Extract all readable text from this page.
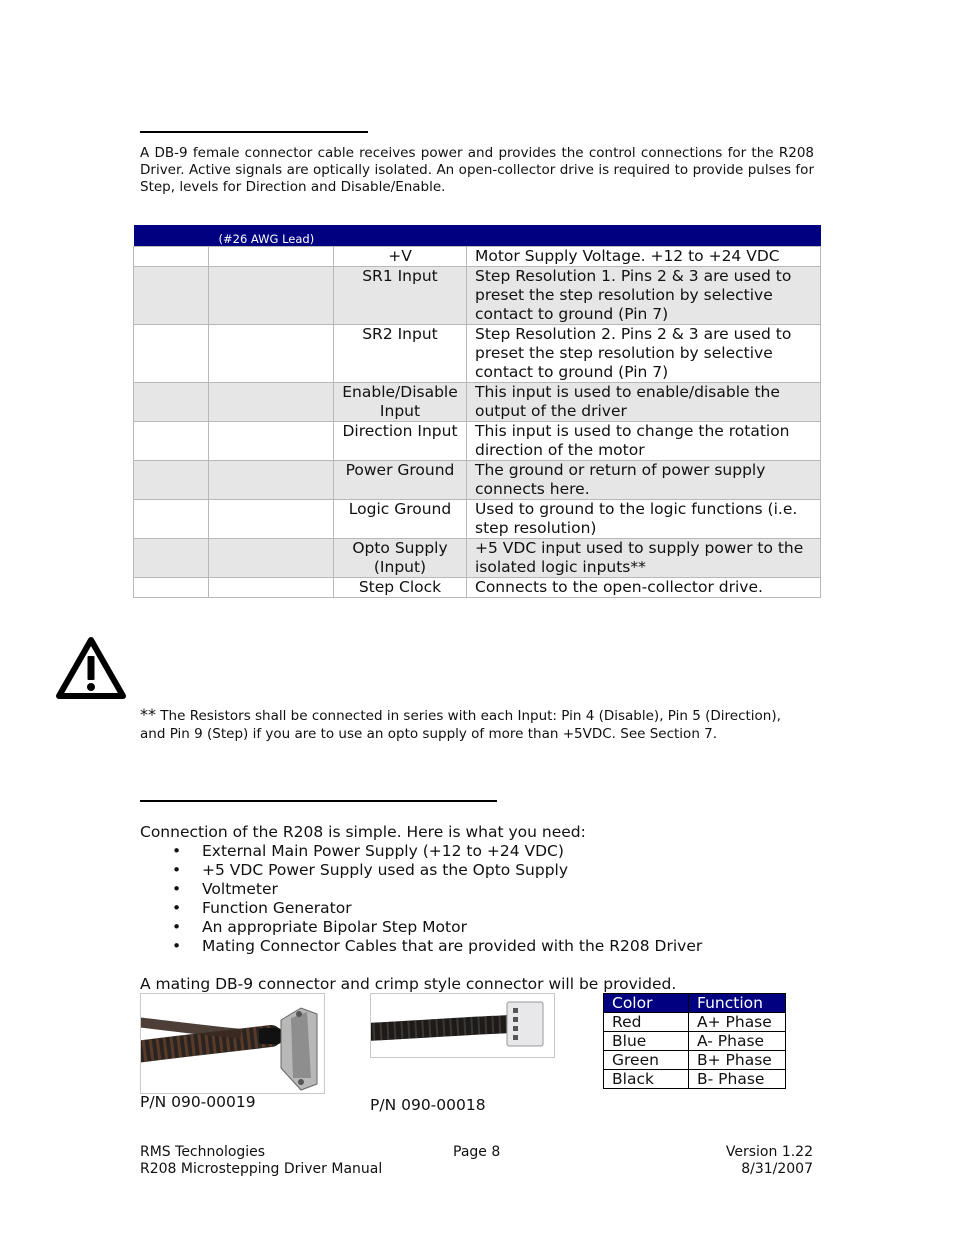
A DB-9 female connector cable receives power and provides the control connections for the R208 Driver. Active signals are optically isolated. An open-collector drive is required to provide pulses for Step, levels for Direction and Disable/Enable.

	(#26 AWG Lead)		
		+V	Motor Supply Voltage. +12 to +24 VDC
		SR1 Input	Step Resolution 1. Pins 2 & 3 are used to preset the step resolution by selective contact to ground (Pin 7)
		SR2 Input	Step Resolution 2. Pins 2 & 3 are used to preset the step resolution by selective contact to ground (Pin 7)
		Enable/Disable Input	This input is used to enable/disable the output of the driver
		Direction Input	This input is used to change the rotation direction of the motor
		Power Ground	The ground or return of power supply connects here.
		Logic Ground	Used to ground to the logic functions (i.e. step resolution)
		Opto Supply (Input)	+5 VDC input used to supply power to the isolated logic inputs**
		Step Clock	Connects to the open-collector drive.

** The Resistors shall be connected in series with each Input: Pin 4 (Disable), Pin 5 (Direction), and Pin 9 (Step) if you are to use an opto supply of more than +5VDC. See Section 7.

Connection of the R208 is simple. Here is what you need:
• External Main Power Supply (+12 to +24 VDC)
• +5 VDC Power Supply used as the Opto Supply
• Voltmeter
• Function Generator
• An appropriate Bipolar Step Motor
• Mating Connector Cables that are provided with the R208 Driver
A mating DB-9 connector and crimp style connector will be provided.
P/N 090-00019	P/N 090-00018
Color	Function
Red	A+ Phase
Blue	A- Phase
Green	B+ Phase
Black	B- Phase
RMS Technologies
R208 Microstepping Driver Manual
Page 8	Version 1.22
8/31/2007
